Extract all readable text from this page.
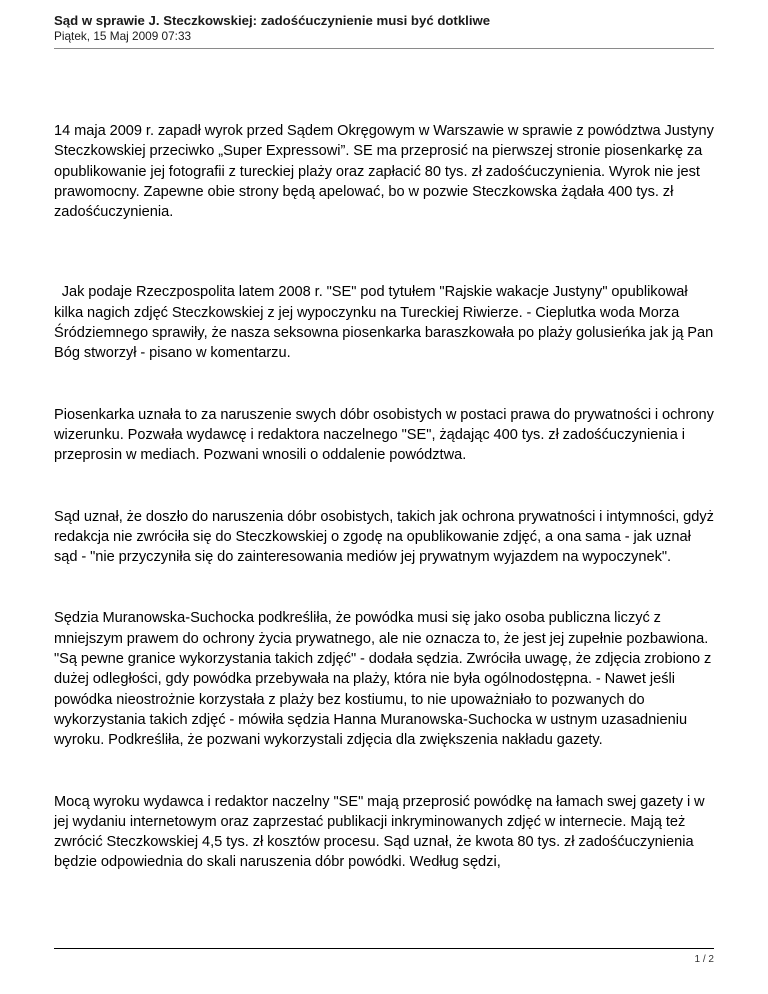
Sąd w sprawie J. Steczkowskiej: zadośćuczynienie musi być dotkliwe
Piątek, 15 Maj 2009 07:33

14 maja 2009 r. zapadł wyrok przed Sądem Okręgowym w Warszawie w sprawie z powództwa Justyny Steczkowskiej przeciwko „Super Expressowi”. SE ma przeprosić na pierwszej stronie piosenkarkę za opublikowanie jej fotografii z tureckiej plaży oraz zapłacić 80 tys. zł zadośćuczynienia. Wyrok nie jest prawomocny. Zapewne obie strony będą apelować, bo w pozwie Steczkowska żądała 400 tys. zł zadośćuczynienia.

Jak podaje Rzeczpospolita latem 2008 r. "SE" pod tytułem "Rajskie wakacje Justyny" opublikował kilka nagich zdjęć Steczkowskiej z jej wypoczynku na Tureckiej Riwierze. - Cieplutka woda Morza Śródziemnego sprawiły, że nasza seksowna piosenkarka baraszkowała po plaży golusieńka jak ją Pan Bóg stworzył - pisano w komentarzu.

Piosenkarka uznała to za naruszenie swych dóbr osobistych w postaci prawa do prywatności i ochrony wizerunku. Pozwała wydawcę i redaktora naczelnego "SE", żądając 400 tys. zł zadośćuczynienia i przeprosin w mediach. Pozwani wnosili o oddalenie powództwa.

Sąd uznał, że doszło do naruszenia dóbr osobistych, takich jak ochrona prywatności i intymności, gdyż redakcja nie zwróciła się do Steczkowskiej o zgodę na opublikowanie zdjęć, a ona sama - jak uznał sąd - "nie przyczyniła się do zainteresowania mediów jej prywatnym wyjazdem na wypoczynek".

Sędzia Muranowska-Suchocka podkreśliła, że powódka musi się jako osoba publiczna liczyć z mniejszym prawem do ochrony życia prywatnego, ale nie oznacza to, że jest jej zupełnie pozbawiona. "Są pewne granice wykorzystania takich zdjęć" - dodała sędzia. Zwróciła uwagę, że zdjęcia zrobiono z dużej odległości, gdy powódka przebywała na plaży, która nie była ogólnodostępna. - Nawet jeśli powódka nieostrożnie korzystała z plaży bez kostiumu, to nie upoważniało to pozwanych do wykorzystania takich zdjęć - mówiła sędzia Hanna Muranowska-Suchocka w ustnym uzasadnieniu wyroku. Podkreśliła, że pozwani wykorzystali zdjęcia dla zwiększenia nakładu gazety.

Mocą wyroku wydawca i redaktor naczelny "SE" mają przeprosić powódkę na łamach swej gazety i w jej wydaniu internetowym oraz zaprzestać publikacji inkryminowanych zdjęć w internecie. Mają też zwrócić Steczkowskiej 4,5 tys. zł kosztów procesu. Sąd uznał, że kwota 80 tys. zł zadośćuczynienia będzie odpowiednia do skali naruszenia dóbr powódki. Według sędzi,

1 / 2
